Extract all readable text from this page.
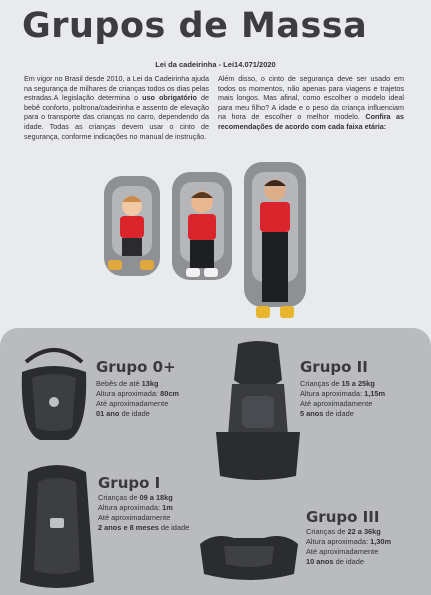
Grupos de Massa
Lei da cadeirinha - Lei14.071/2020
Em vigor no Brasil desde 2010, a Lei da Cadeirinha ajuda na segurança de milhares de crianças todos os dias pelas estradas.A legislação determina o uso obrigatório de bebê conforto, poltrona/cadeirinha e assento de elevação para o transporte das crianças no carro, dependendo da idade. Todas as crianças devem usar o cinto de segurança, conforme indicações no manual de instrução.
Além disso, o cinto de segurança deve ser usado em todos os momentos, não apenas para viagens e trajetos mais longos. Mas afinal, como escolher o modelo ideal para meu filho? A idade e o peso da criança influenciam na hora de escolher o melhor modelo. Confira as recomendações de acordo com cada faixa etária:
Grupo 0+
Bebês de até 13kg
Altura aproximada: 80cm
Até aproximadamente
01 ano de idade
Grupo II
Crianças de 15 a 25kg
Altura aproximada: 1,15m
Até aproximadamente
5 anos de idade
Grupo I
Crianças de 09 a 18kg
Altura aproximada: 1m
Até aproximadamente
2 anos e 8 meses de idade
Grupo III
Crianças de 22 a 36kg
Altura aproximada: 1,30m
Até aproximadamente
10 anos de idade
